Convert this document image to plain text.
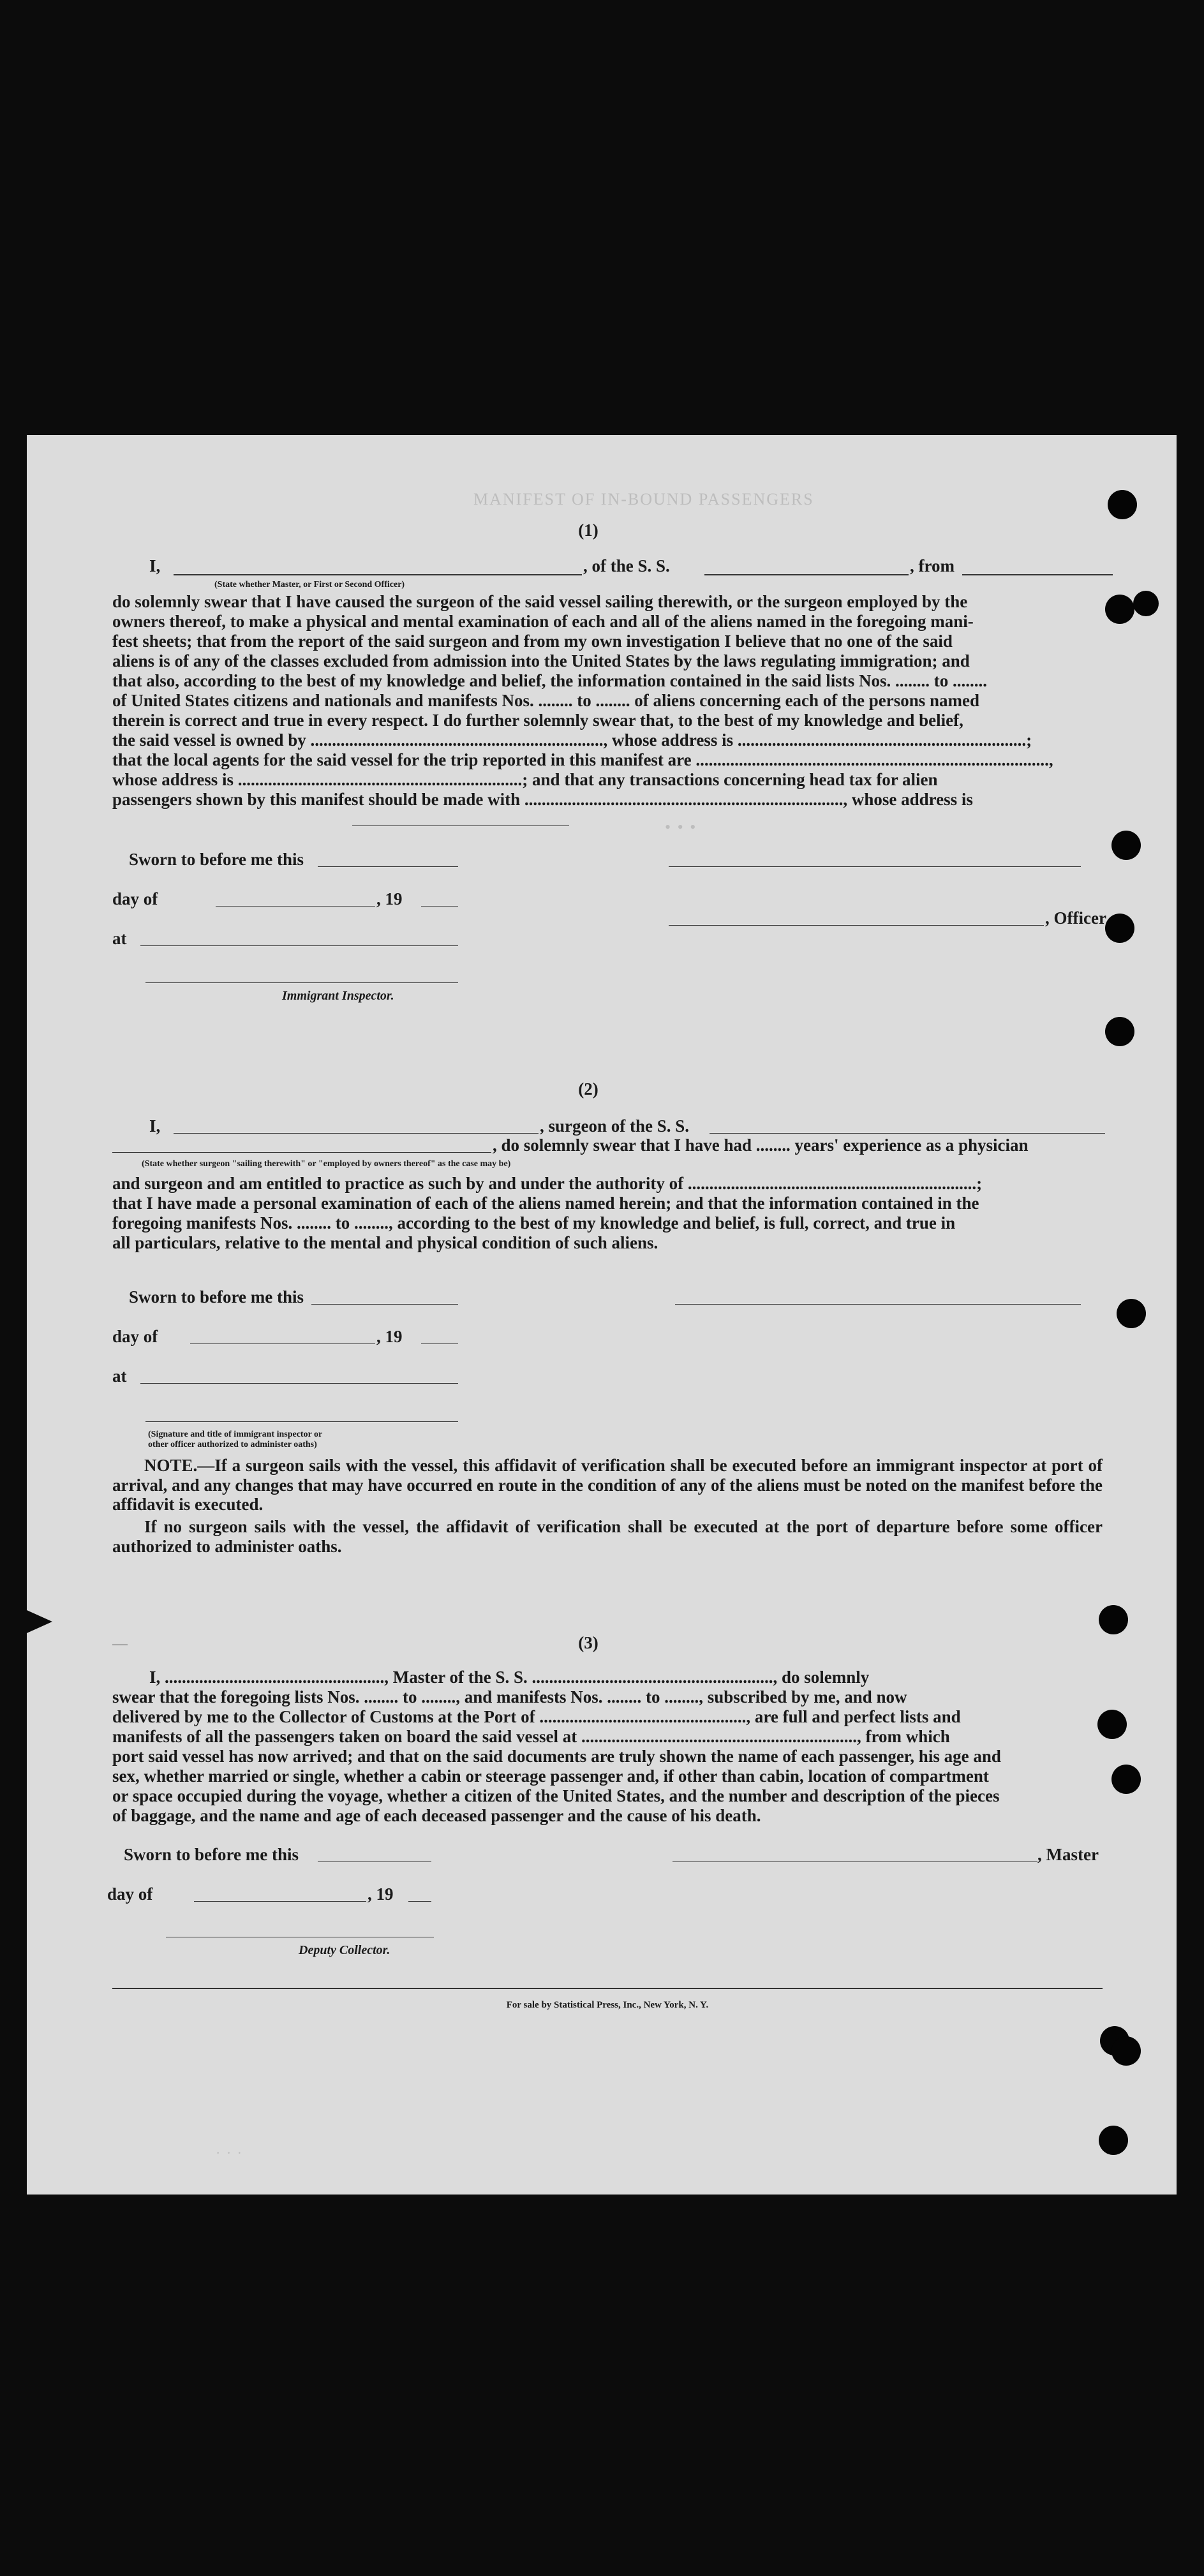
MANIFEST OF IN-BOUND PASSENGERS
• • •
(1)
I,	, of the S. S.	, from
(State whether Master, or First or Second Officer)
do solemnly swear that I have caused the surgeon of the said vessel sailing therewith, or the surgeon employed by the
owners thereof, to make a physical and mental examination of each and all of the aliens named in the foregoing mani-
fest sheets; that from the report of the said surgeon and from my own investigation I believe that no one of the said
aliens is of any of the classes excluded from admission into the United States by the laws regulating immigration; and
that also, according to the best of my knowledge and belief, the information contained in the said lists Nos. ........ to ........
of United States citizens and nationals and manifests Nos. ........ to ........ of aliens concerning each of the persons named
therein is correct and true in every respect. I do further solemnly swear that, to the best of my knowledge and belief,
the said vessel is owned by ...................................................................., whose address is ...................................................................;
that the local agents for the said vessel for the trip reported in this manifest are ..................................................................................,
whose address is ..................................................................; and that any transactions concerning head tax for alien
passengers shown by this manifest should be made with .........................................................................., whose address is
Sworn to before me this
day of	, 19
, Officer
at
Immigrant Inspector.
(2)
I,	, surgeon of the S. S.
, do solemnly swear that I have had ........ years' experience as a physician
(State whether surgeon "sailing therewith" or "employed by owners thereof" as the case may be)
and surgeon and am entitled to practice as such by and under the authority of ...................................................................;
that I have made a personal examination of each of the aliens named herein; and that the information contained in the
foregoing manifests Nos. ........ to ........, according to the best of my knowledge and belief, is full, correct, and true in
all particulars, relative to the mental and physical condition of such aliens.
Sworn to before me this
day of	, 19
at
(Signature and title of immigrant inspector or
other officer authorized to administer oaths)
NOTE.—If a surgeon sails with the vessel, this affidavit of verification shall be executed before an immigrant inspector at port of arrival, and any changes that may have occurred en route in the condition of any of the aliens must be noted on the manifest before the affidavit is executed.
If no surgeon sails with the vessel, the affidavit of verification shall be executed at the port of departure before some officer authorized to administer oaths.
(3)
I, ..................................................., Master of the S. S. ........................................................, do solemnly
swear that the foregoing lists Nos. ........ to ........, and manifests Nos. ........ to ........, subscribed by me, and now
delivered by me to the Collector of Customs at the Port of ................................................, are full and perfect lists and
manifests of all the passengers taken on board the said vessel at ................................................................, from which
port said vessel has now arrived; and that on the said documents are truly shown the name of each passenger, his age and
sex, whether married or single, whether a cabin or steerage passenger and, if other than cabin, location of compartment
or space occupied during the voyage, whether a citizen of the United States, and the number and description of the pieces
of baggage, and the name and age of each deceased passenger and the cause of his death.
Sworn to before me this	, Master
day of	, 19
Deputy Collector.
For sale by Statistical Press, Inc., New York, N. Y.
· · ·
